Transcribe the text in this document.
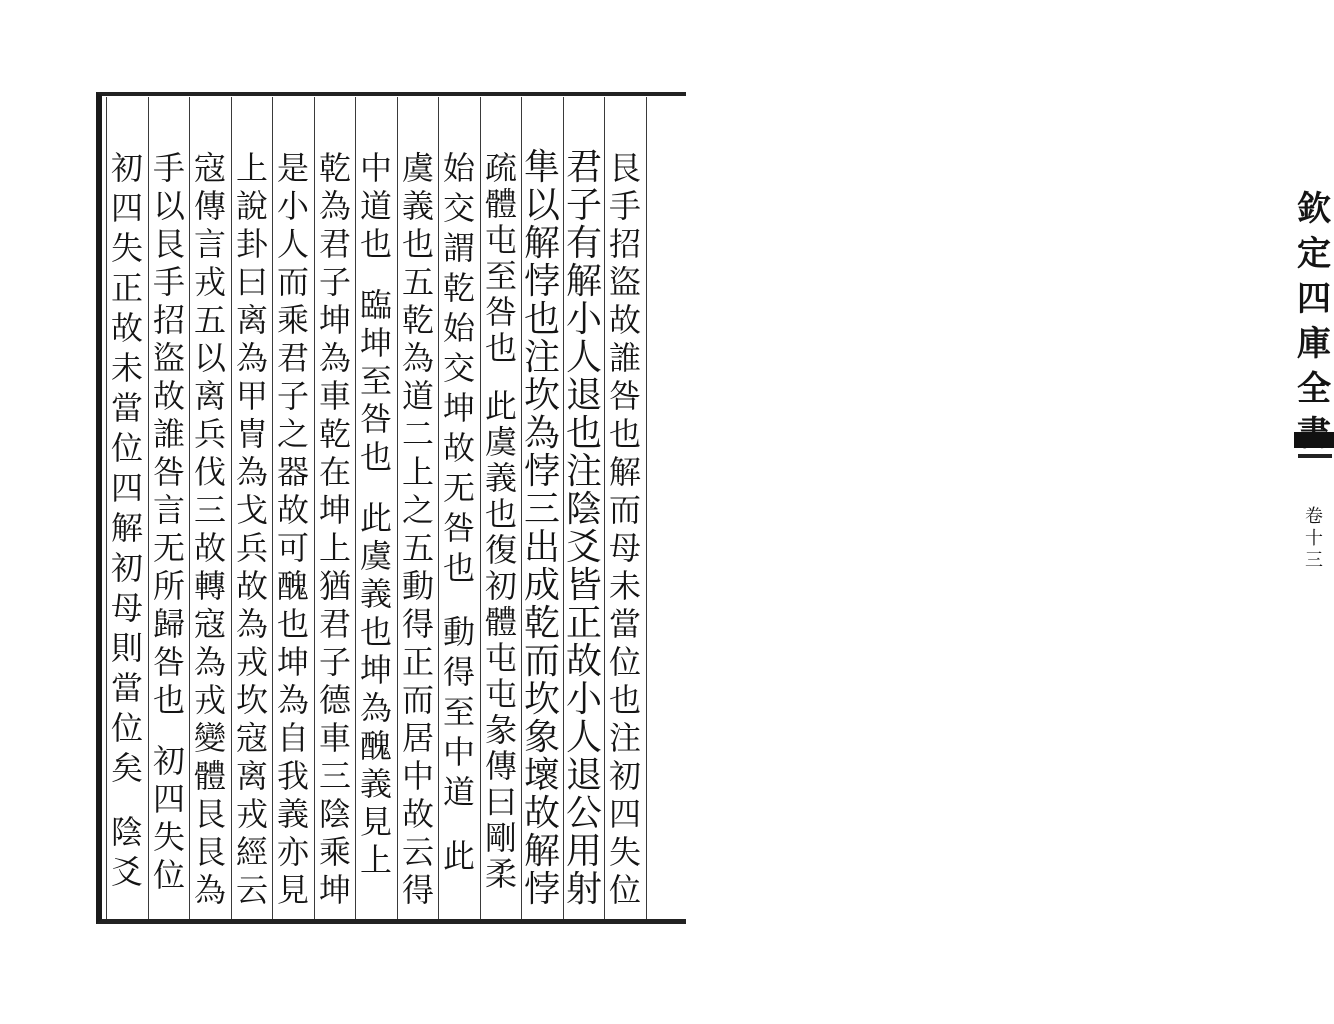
欽
定
四
庫
全
卷
十
三
艮
手
招
盜
故
誰
咎
也
解
而
母
未
當
位
也
注
初
四
失
位
君
子
有
解
小
人
退
也
注
陰
爻
皆
正
故
小
人
退
公
用
射
隼
以
解
悖
也
注
坎
為
悖
三
出
成
乾
而
坎
象
壞
故
解
悖
疏
體
屯
至
咎
也

此
虞
義
也
復
初
體
屯
屯
彖
傳
曰
剛
柔
始
交
謂
乾
始
交
坤
故
无
咎
也

動
得
至
中
道

此
虞
義
也
五
乾
為
道
二
上
之
五
動
得
正
而
居
中
故
云
得
中
道
也

臨
坤
至
咎
也

此
虞
義
也
坤
為
醜
義
見
上
乾
為
君
子
坤
為
車
乾
在
坤
上
猶
君
子
德
車
三
陰
乘
坤
是
小
人
而
乘
君
子
之
器
故
可
醜
也
坤
為
自
我
義
亦
見
上
說
卦
曰
离
為
甲
冑
為
戈
兵
故
為
戎
坎
寇
离
戎
經
云
寇
傳
言
戎
五
以
离
兵
伐
三
故
轉
寇
為
戎
變
體
艮
艮
為
手
以
艮
手
招
盜
故
誰
咎
言
无
所
歸
咎
也

初
四
失
位
初
四
失
正
故
未
當
位
四
解
初
母
則
當
位
矣

陰
爻
